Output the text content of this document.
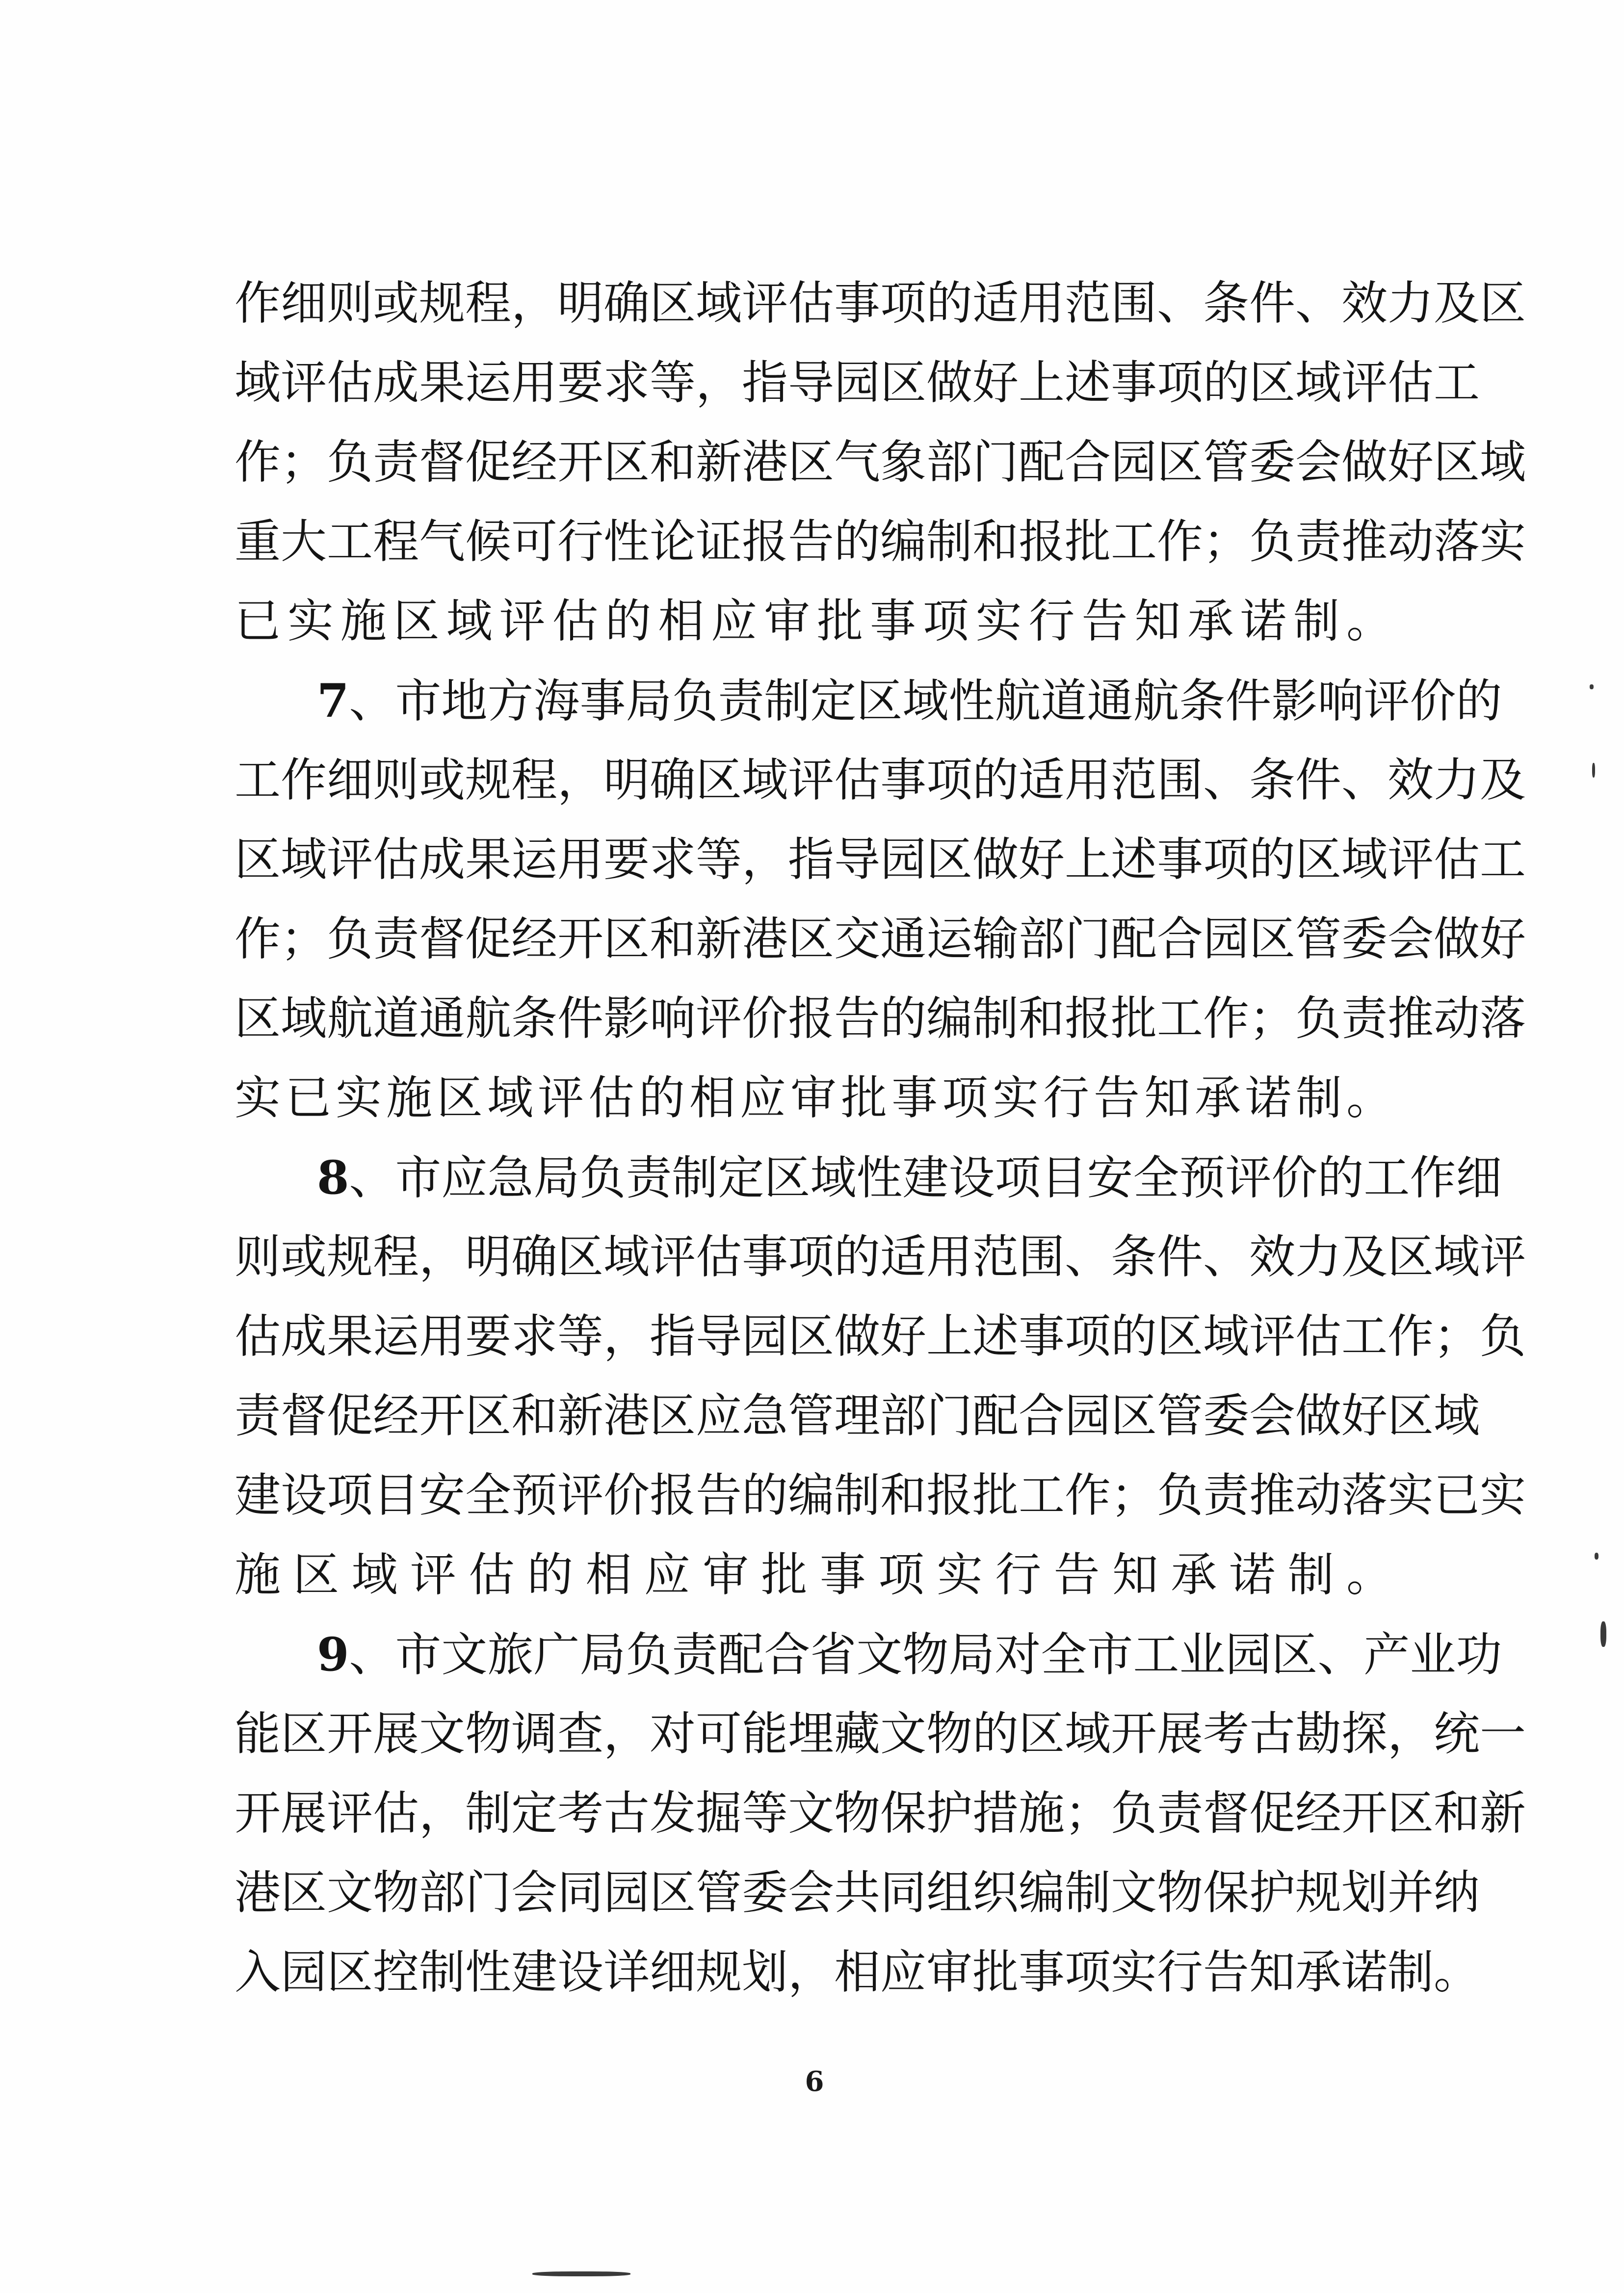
作细则或规程，明确区域评估事项的适用范围、条件、效力及区
域评估成果运用要求等，指导园区做好上述事项的区域评估工
作；负责督促经开区和新港区气象部门配合园区管委会做好区域
重大工程气候可行性论证报告的编制和报批工作；负责推动落实
已实施区域评估的相应审批事项实行告知承诺制。
7、市地方海事局负责制定区域性航道通航条件影响评价的
工作细则或规程，明确区域评估事项的适用范围、条件、效力及
区域评估成果运用要求等，指导园区做好上述事项的区域评估工
作；负责督促经开区和新港区交通运输部门配合园区管委会做好
区域航道通航条件影响评价报告的编制和报批工作；负责推动落
实已实施区域评估的相应审批事项实行告知承诺制。
8、市应急局负责制定区域性建设项目安全预评价的工作细
则或规程，明确区域评估事项的适用范围、条件、效力及区域评
估成果运用要求等，指导园区做好上述事项的区域评估工作；负
责督促经开区和新港区应急管理部门配合园区管委会做好区域
建设项目安全预评价报告的编制和报批工作；负责推动落实已实
施区域评估的相应审批事项实行告知承诺制。
9、市文旅广局负责配合省文物局对全市工业园区、产业功
能区开展文物调查，对可能埋藏文物的区域开展考古勘探，统一
开展评估，制定考古发掘等文物保护措施；负责督促经开区和新
港区文物部门会同园区管委会共同组织编制文物保护规划并纳
入园区控制性建设详细规划，相应审批事项实行告知承诺制。
6
